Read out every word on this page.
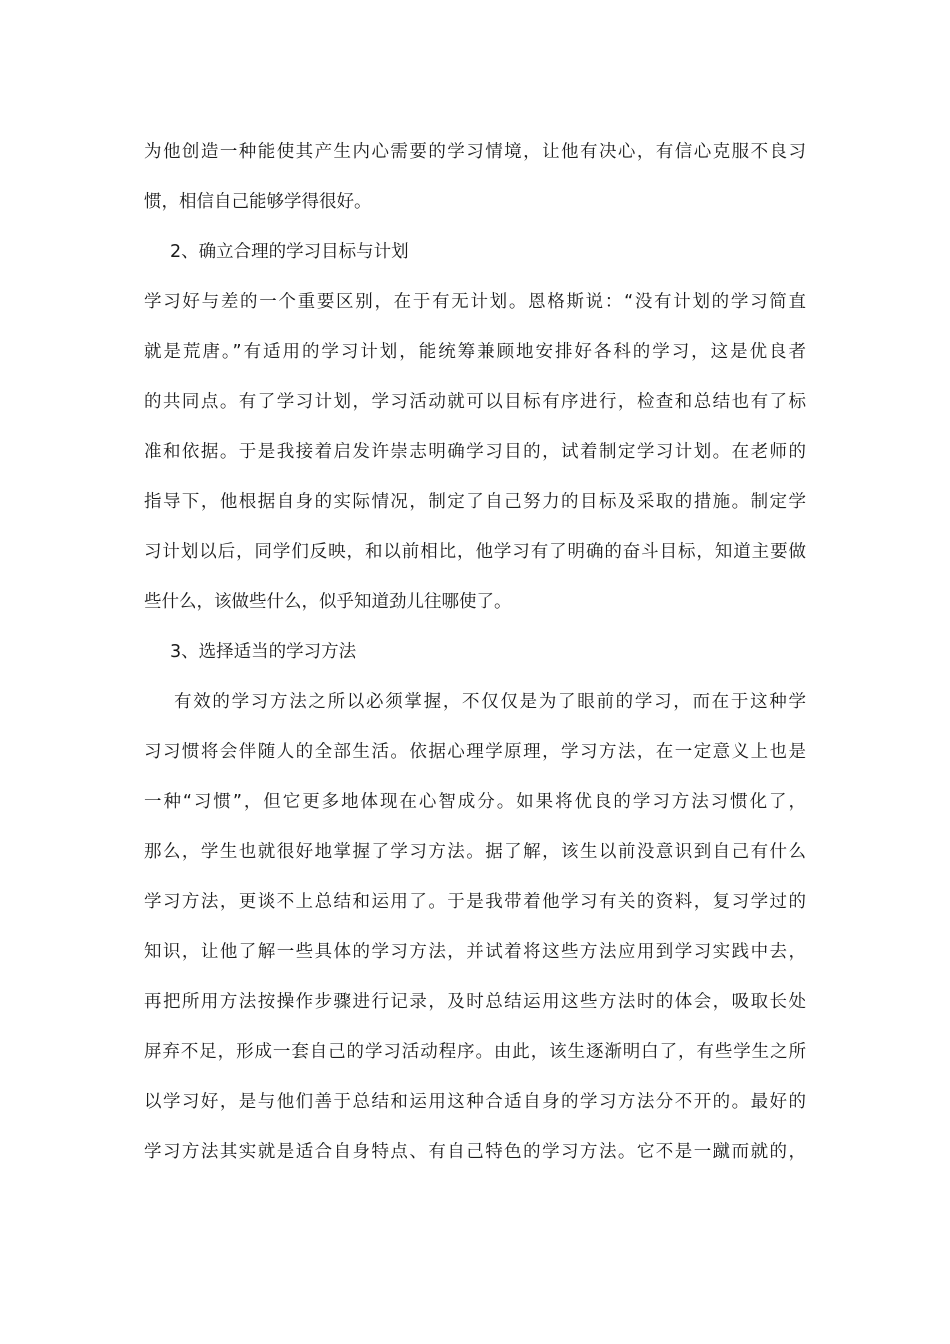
为他创造一种能使其产生内心需要的学习情境，让他有决心，有信心克服不良习
惯，相信自己能够学得很好。
2、确立合理的学习目标与计划
学习好与差的一个重要区别，在于有无计划。恩格斯说：“没有计划的学习简直
就是荒唐。”有适用的学习计划，能统筹兼顾地安排好各科的学习，这是优良者
的共同点。有了学习计划，学习活动就可以目标有序进行，检查和总结也有了标
准和依据。于是我接着启发许崇志明确学习目的，试着制定学习计划。在老师的
指导下，他根据自身的实际情况，制定了自己努力的目标及采取的措施。制定学
习计划以后，同学们反映，和以前相比，他学习有了明确的奋斗目标，知道主要做
些什么，该做些什么，似乎知道劲儿往哪使了。
3、选择适当的学习方法
有效的学习方法之所以必须掌握，不仅仅是为了眼前的学习，而在于这种学
习习惯将会伴随人的全部生活。依据心理学原理，学习方法，在一定意义上也是
一种“习惯”，但它更多地体现在心智成分。如果将优良的学习方法习惯化了，
那么，学生也就很好地掌握了学习方法。据了解，该生以前没意识到自己有什么
学习方法，更谈不上总结和运用了。于是我带着他学习有关的资料，复习学过的
知识，让他了解一些具体的学习方法，并试着将这些方法应用到学习实践中去，
再把所用方法按操作步骤进行记录，及时总结运用这些方法时的体会，吸取长处
屏弃不足，形成一套自己的学习活动程序。由此，该生逐渐明白了，有些学生之所
以学习好，是与他们善于总结和运用这种合适自身的学习方法分不开的。最好的
学习方法其实就是适合自身特点、有自己特色的学习方法。它不是一蹴而就的，
